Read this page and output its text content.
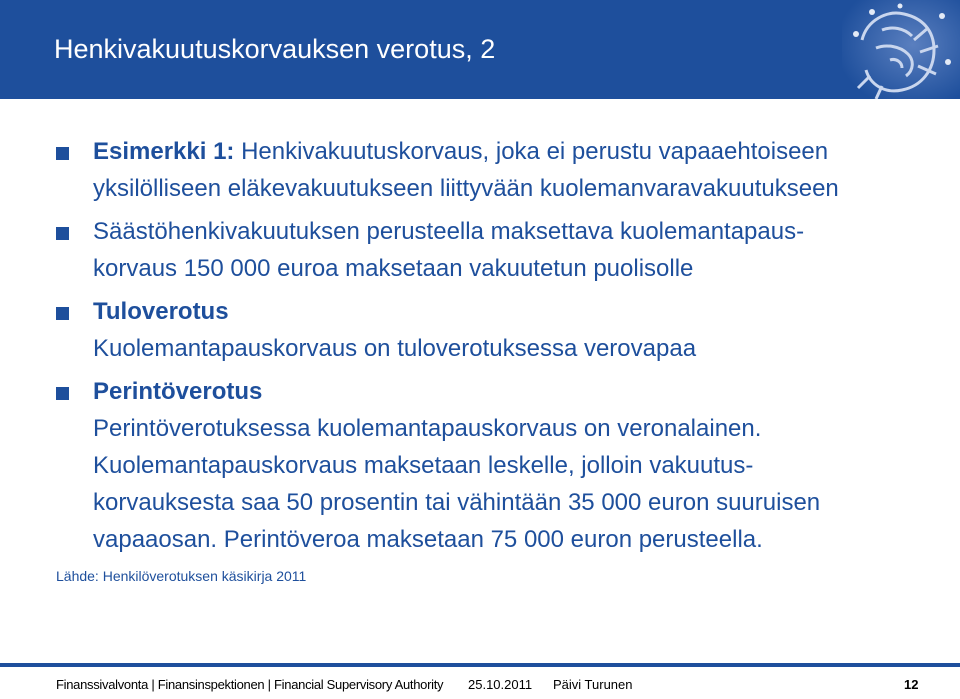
Henkivakuutuskorvauksen verotus, 2
Esimerkki 1: Henkivakuutuskorvaus, joka ei perustu vapaaehtoiseen
yksilölliseen eläkevakuutukseen liittyvään kuolemanvaravakuutukseen
Säästöhenkivakuutuksen perusteella maksettava kuolemantapaus-
korvaus 150 000 euroa maksetaan vakuutetun puolisolle
Tuloverotus
Kuolemantapauskorvaus on tuloverotuksessa verovapaa
Perintöverotus
Perintöverotuksessa kuolemantapauskorvaus on veronalainen.
Kuolemantapauskorvaus maksetaan leskelle, jolloin vakuutus-
korvauksesta saa 50 prosentin tai vähintään 35 000 euron suuruisen
vapaaosan. Perintöveroa maksetaan 75 000 euron perusteella.
Lähde: Henkilöverotuksen käsikirja 2011
Finanssivalvonta | Finansinspektionen | Financial Supervisory Authority 25.10.2011 Päivi Turunen	12
